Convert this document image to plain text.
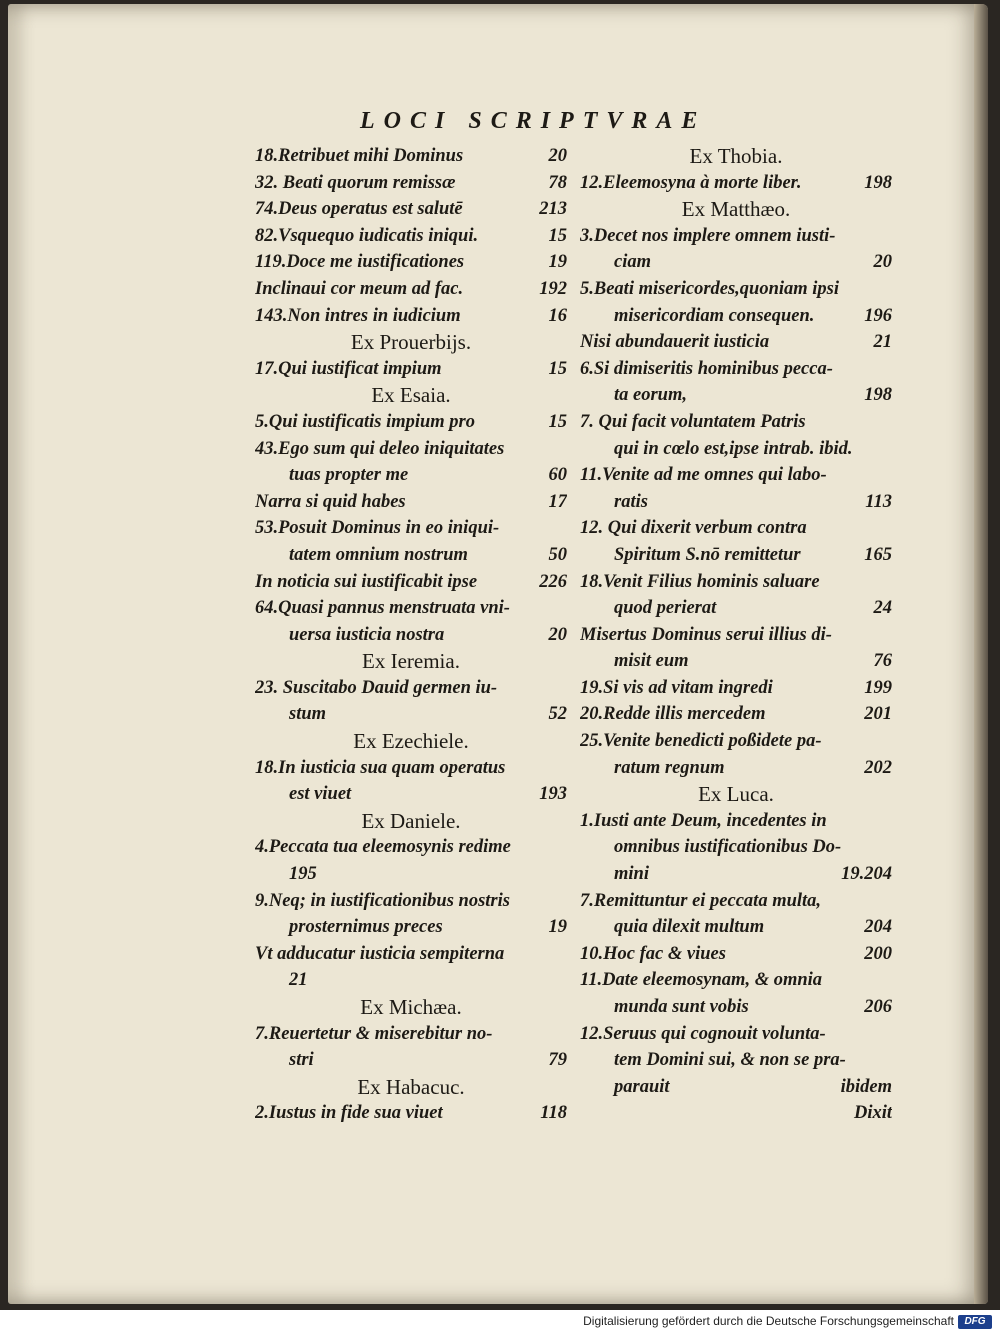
LOCI SCRIPTVRAE
18.Retribuet mihi Dominus	20
32. Beati quorum remissæ	78
74.Deus operatus est salutē	213
82.Vsquequo iudicatis iniqui.	15
119.Doce me iustificationes	19
Inclinaui cor meum ad fac.	192
143.Non intres in iudicium	16
Ex Prouerbijs.
17.Qui iustificat impium	15
Ex Esaia.
5.Qui iustificatis impium pro	15
43.Ego sum qui deleo iniquitates
tuas propter me	60
Narra si quid habes	17
53.Posuit Dominus in eo iniqui-
tatem omnium nostrum	50
In noticia sui iustificabit ipse	226
64.Quasi pannus menstruata vni-
uersa iusticia nostra	20
Ex Ieremia.
23. Suscitabo Dauid germen iu-
stum	52
Ex Ezechiele.
18.In iusticia sua quam operatus
est viuet	193
Ex Daniele.
4.Peccata tua eleemosynis redime
195
9.Neq; in iustificationibus nostris
prosternimus preces	19
Vt adducatur iusticia sempiterna
21
Ex Michæa.
7.Reuertetur & miserebitur no-
stri	79
Ex Habacuc.
2.Iustus in fide sua viuet	118
Ex Thobia.
12.Eleemosyna à morte liber.	198
Ex Matthæo.
3.Decet nos implere omnem iusti-
ciam	20
5.Beati misericordes,quoniam ipsi
misericordiam consequen.	196
Nisi abundauerit iusticia	21
6.Si dimiseritis hominibus pecca-
ta eorum,	198
7. Qui facit voluntatem Patris
qui in cœlo est,ipse intrab. ibid.
11.Venite ad me omnes qui labo-
ratis	113
12. Qui dixerit verbum contra
Spiritum S.nō remittetur	165
18.Venit Filius hominis saluare
quod perierat	24
Misertus Dominus serui illius di-
misit eum	76
19.Si vis ad vitam ingredi	199
20.Redde illis mercedem	201
25.Venite benedicti poßidete pa-
ratum regnum	202
Ex Luca.
1.Iusti ante Deum, incedentes in
omnibus iustificationibus Do-
mini	19.204
7.Remittuntur ei peccata multa,
quia dilexit multum	204
10.Hoc fac & viues	200
11.Date eleemosynam, & omnia
munda sunt vobis	206
12.Seruus qui cognouit volunta-
tem Domini sui, & non se pra-
parauit	ibidem
Dixit
Digitalisierung gefördert durch die Deutsche Forschungsgemeinschaft	DFG
